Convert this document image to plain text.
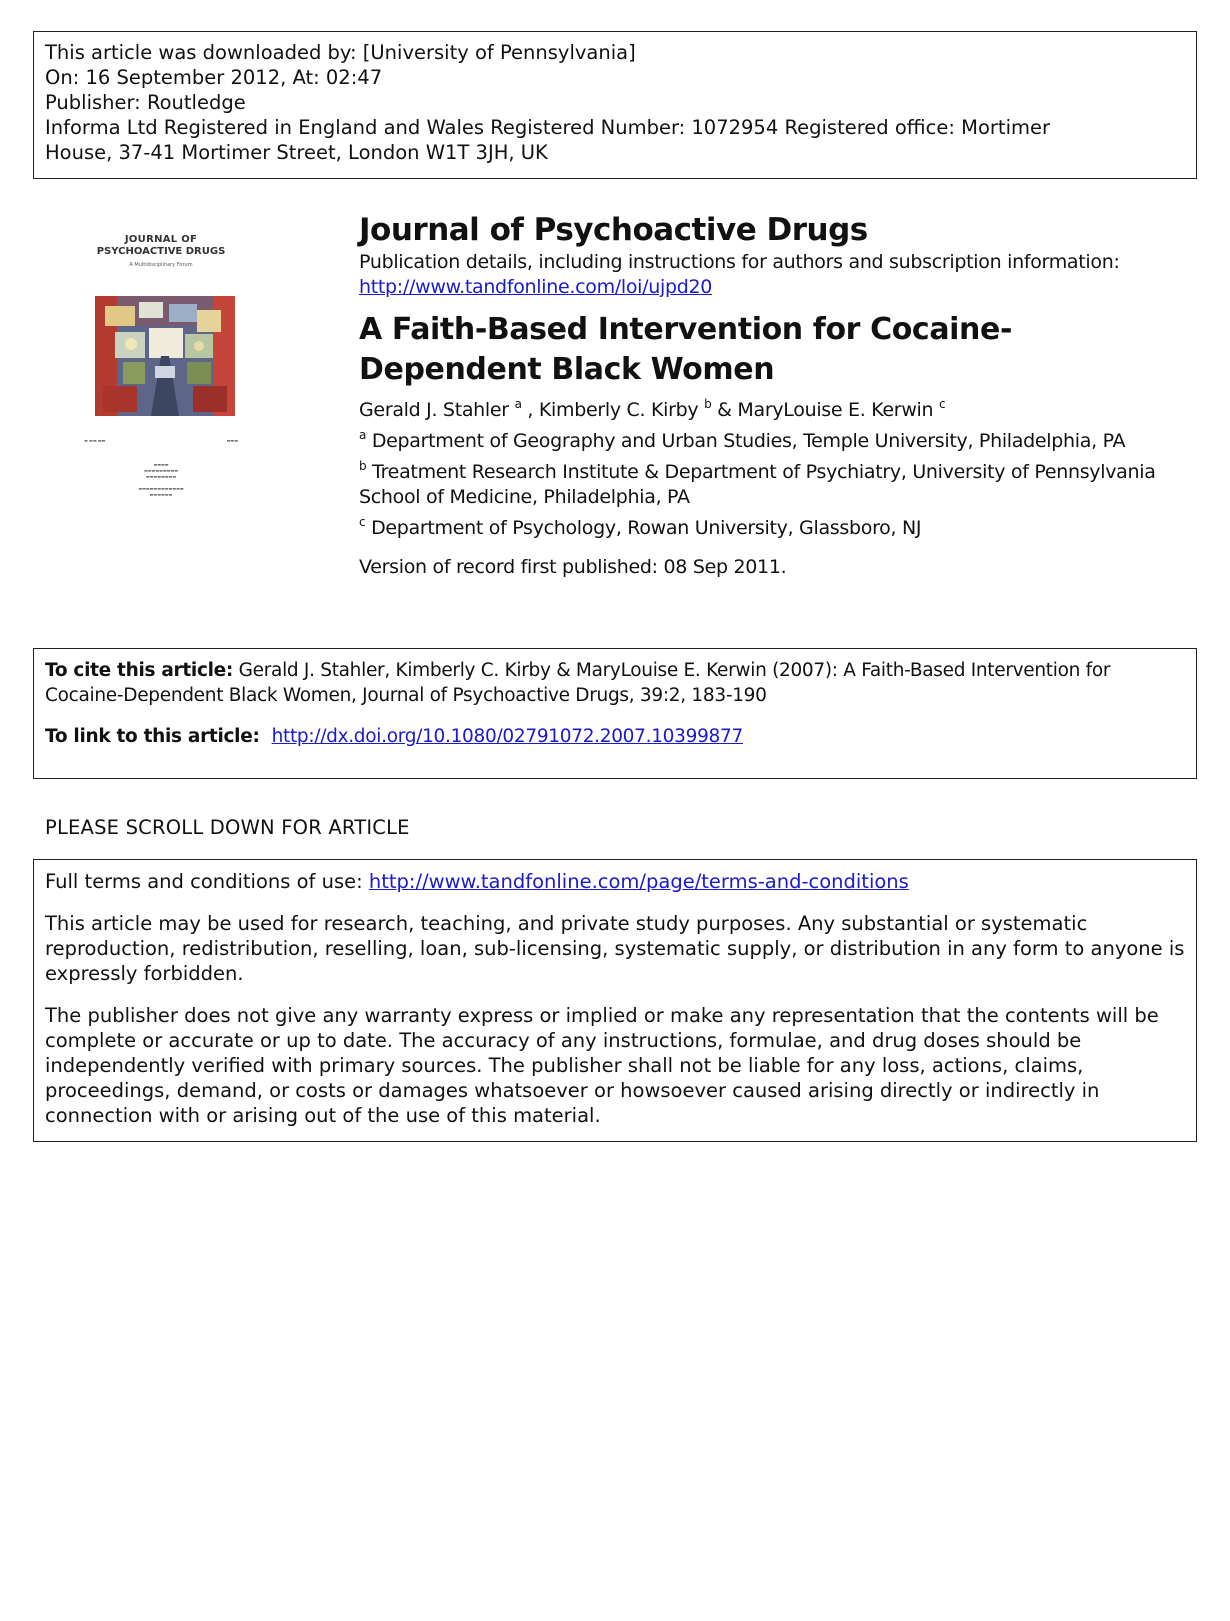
This article was downloaded by: [University of Pennsylvania]
On: 16 September 2012, At: 02:47
Publisher: Routledge
Informa Ltd Registered in England and Wales Registered Number: 1072954 Registered office: Mortimer
House, 37-41 Mortimer Street, London W1T 3JH, UK
JOURNAL OF
PSYCHOACTIVE DRUGS
A Multidisciplinary Forum
▬ ▬▬ ▬▬	▬▬▬
▬▬▬▬
▬▬▬▬▬▬▬▬▬
▬▬▬▬▬▬▬▬

▬▬▬▬▬▬▬▬▬▬▬▬
▬▬▬▬▬▬
Journal of Psychoactive Drugs
Publication details, including instructions for authors and subscription information:
http://www.tandfonline.com/loi/ujpd20
A Faith-Based Intervention for Cocaine-Dependent Black Women
Gerald J. Stahler $^a$ , Kimberly C. Kirby $^b$ & MaryLouise E. Kerwin $^c$
$^a$ Department of Geography and Urban Studies, Temple University, Philadelphia, PA
$^b$ Treatment Research Institute & Department of Psychiatry, University of Pennsylvania School of Medicine, Philadelphia, PA
$^c$ Department of Psychology, Rowan University, Glassboro, NJ
Version of record first published: 08 Sep 2011.
To cite this article: Gerald J. Stahler, Kimberly C. Kirby & MaryLouise E. Kerwin (2007): A Faith-Based Intervention for Cocaine-Dependent Black Women, Journal of Psychoactive Drugs, 39:2, 183-190
To link to this article: http://dx.doi.org/10.1080/02791072.2007.10399877
PLEASE SCROLL DOWN FOR ARTICLE

Full terms and conditions of use: http://www.tandfonline.com/page/terms-and-conditions

This article may be used for research, teaching, and private study purposes. Any substantial or systematic reproduction, redistribution, reselling, loan, sub-licensing, systematic supply, or distribution in any form to anyone is expressly forbidden.

The publisher does not give any warranty express or implied or make any representation that the contents will be complete or accurate or up to date. The accuracy of any instructions, formulae, and drug doses should be independently verified with primary sources. The publisher shall not be liable for any loss, actions, claims, proceedings, demand, or costs or damages whatsoever or howsoever caused arising directly or indirectly in connection with or arising out of the use of this material.
